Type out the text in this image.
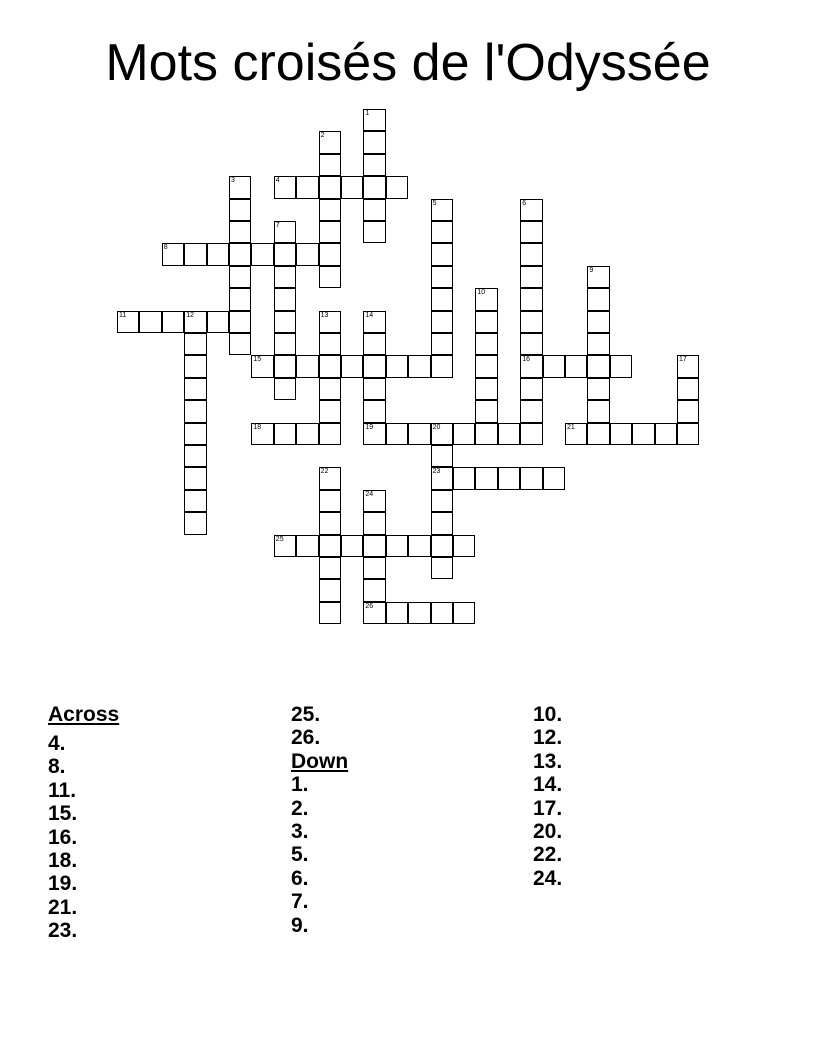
Mots croisés de l'Odyssée
1
2
3	4
5	6
16
7
8
9
10
11	12	13	14
19
15	17
18	20
23
21
22
24
25
26
Across
4.
8.
11.
15.
16.
18.
19.
21.
23.
25.
26.
Down
1.
2.
3.
5.
6.
7.
9.
10.
12.
13.
14.
17.
20.
22.
24.
